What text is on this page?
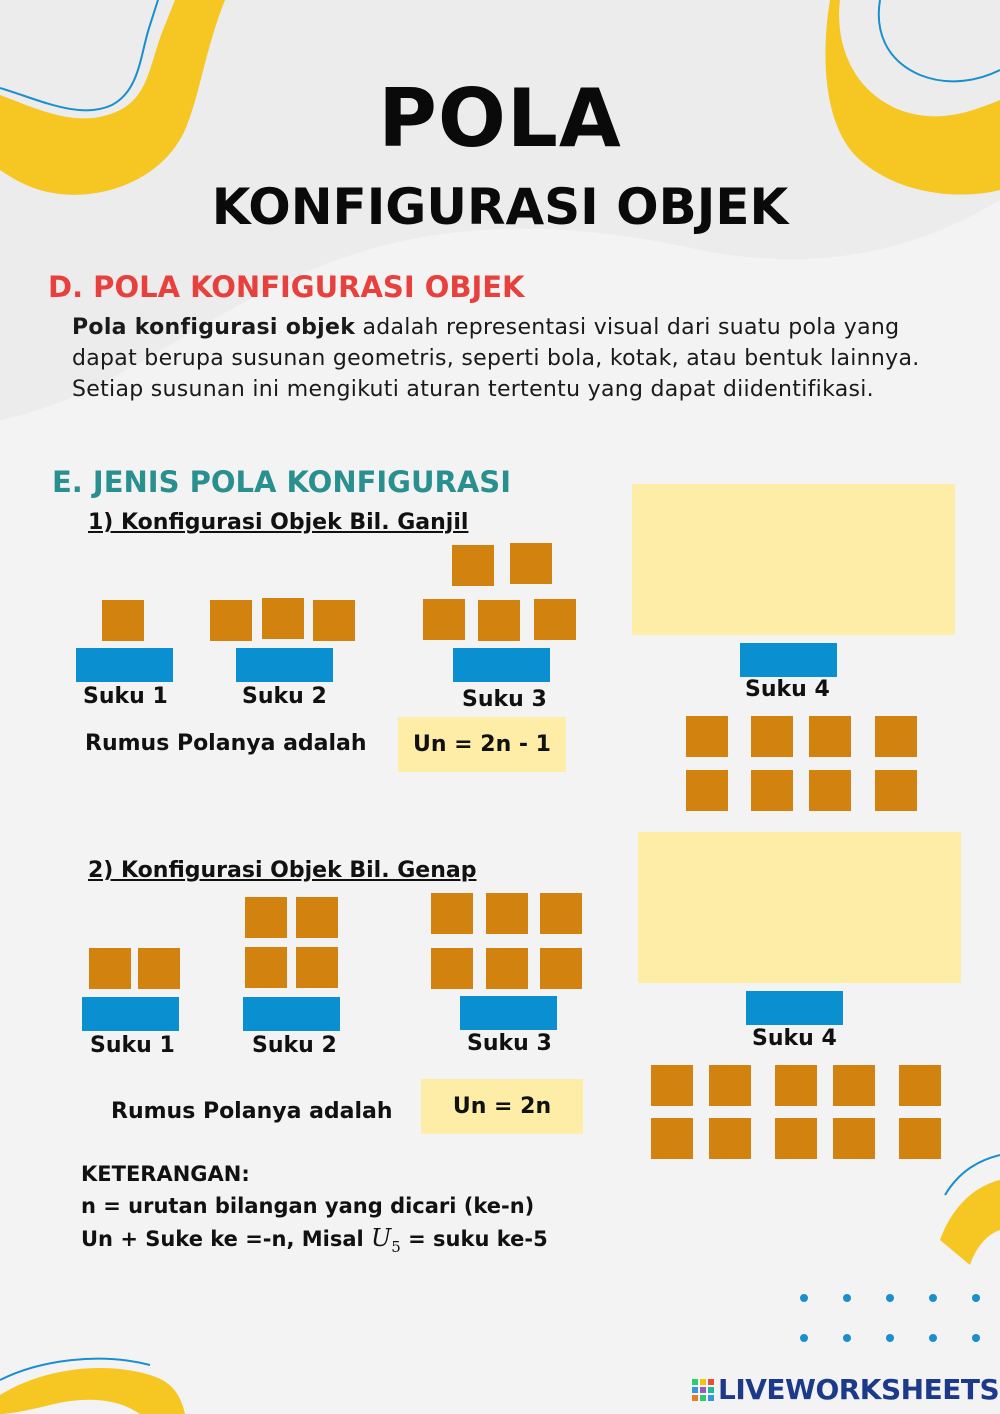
POLA
KONFIGURASI OBJEK
D. POLA KONFIGURASI OBJEK
Pola konfigurasi objek adalah representasi visual dari suatu pola yang dapat berupa susunan geometris, seperti bola, kotak, atau bentuk lainnya. Setiap susunan ini mengikuti aturan tertentu yang dapat diidentifikasi.
E. JENIS POLA KONFIGURASI
1) Konfigurasi Objek Bil. Ganjil
Suku 1	Suku 2	Suku 3	Suku 4
Rumus Polanya adalah	Un = 2n - 1
2) Konfigurasi Objek Bil. Genap
Suku 1	Suku 2	Suku 3	Suku 4
Rumus Polanya adalah	Un = 2n
KETERANGAN:
n = urutan bilangan yang dicari (ke-n)
Un + Suke ke =-n, Misal $U_5$ = suku ke-5
LIVEWORKSHEETS
